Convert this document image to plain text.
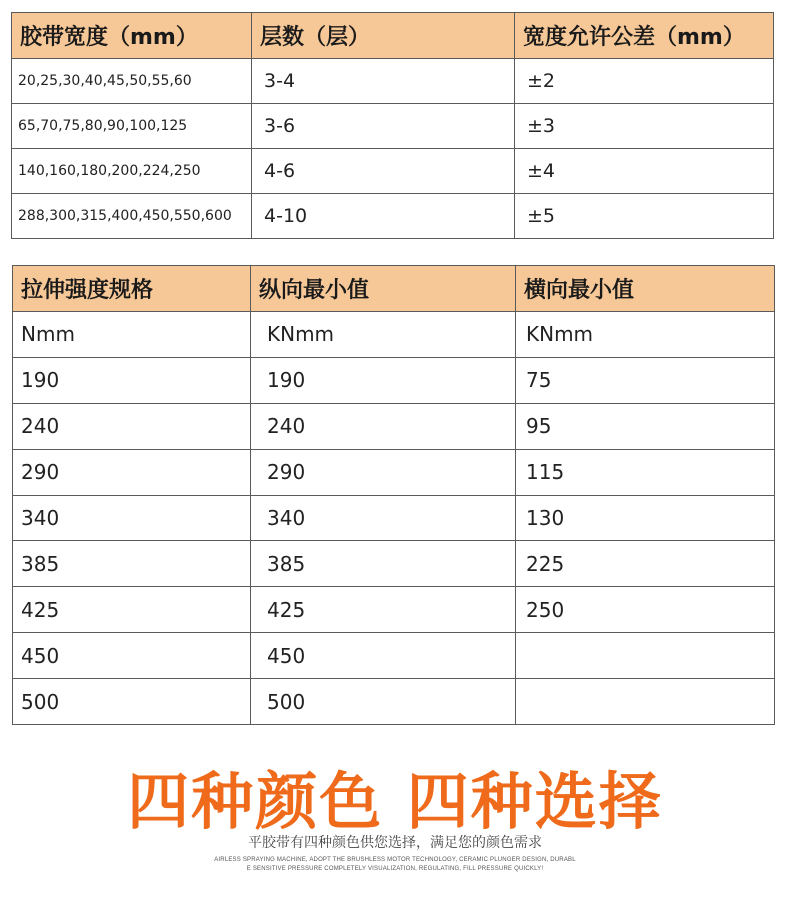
胶带宽度（mm）	层数（层）	宽度允许公差（mm）
20,25,30,40,45,50,55,60	3-4	±2
65,70,75,80,90,100,125	3-6	±3
140,160,180,200,224,250	4-6	±4
288,300,315,400,450,550,600	4-10	±5
拉伸强度规格	纵向最小值	横向最小值
Nmm	KNmm	KNmm
190	190	75
240	240	95
290	290	115
340	340	130
385	385	225
425	425	250
450	450	
500	500	
四种颜色 四种选择
平胶带有四种颜色供您选择，满足您的颜色需求
AIRLESS SPRAYING MACHINE, ADOPT THE BRUSHLESS MOTOR TECHNOLOGY, CERAMIC PLUNGER DESIGN, DURABL
E SENSITIVE PRESSURE COMPLETELY VISUALIZATION, REGULATING, FILL PRESSURE QUICKLY!
